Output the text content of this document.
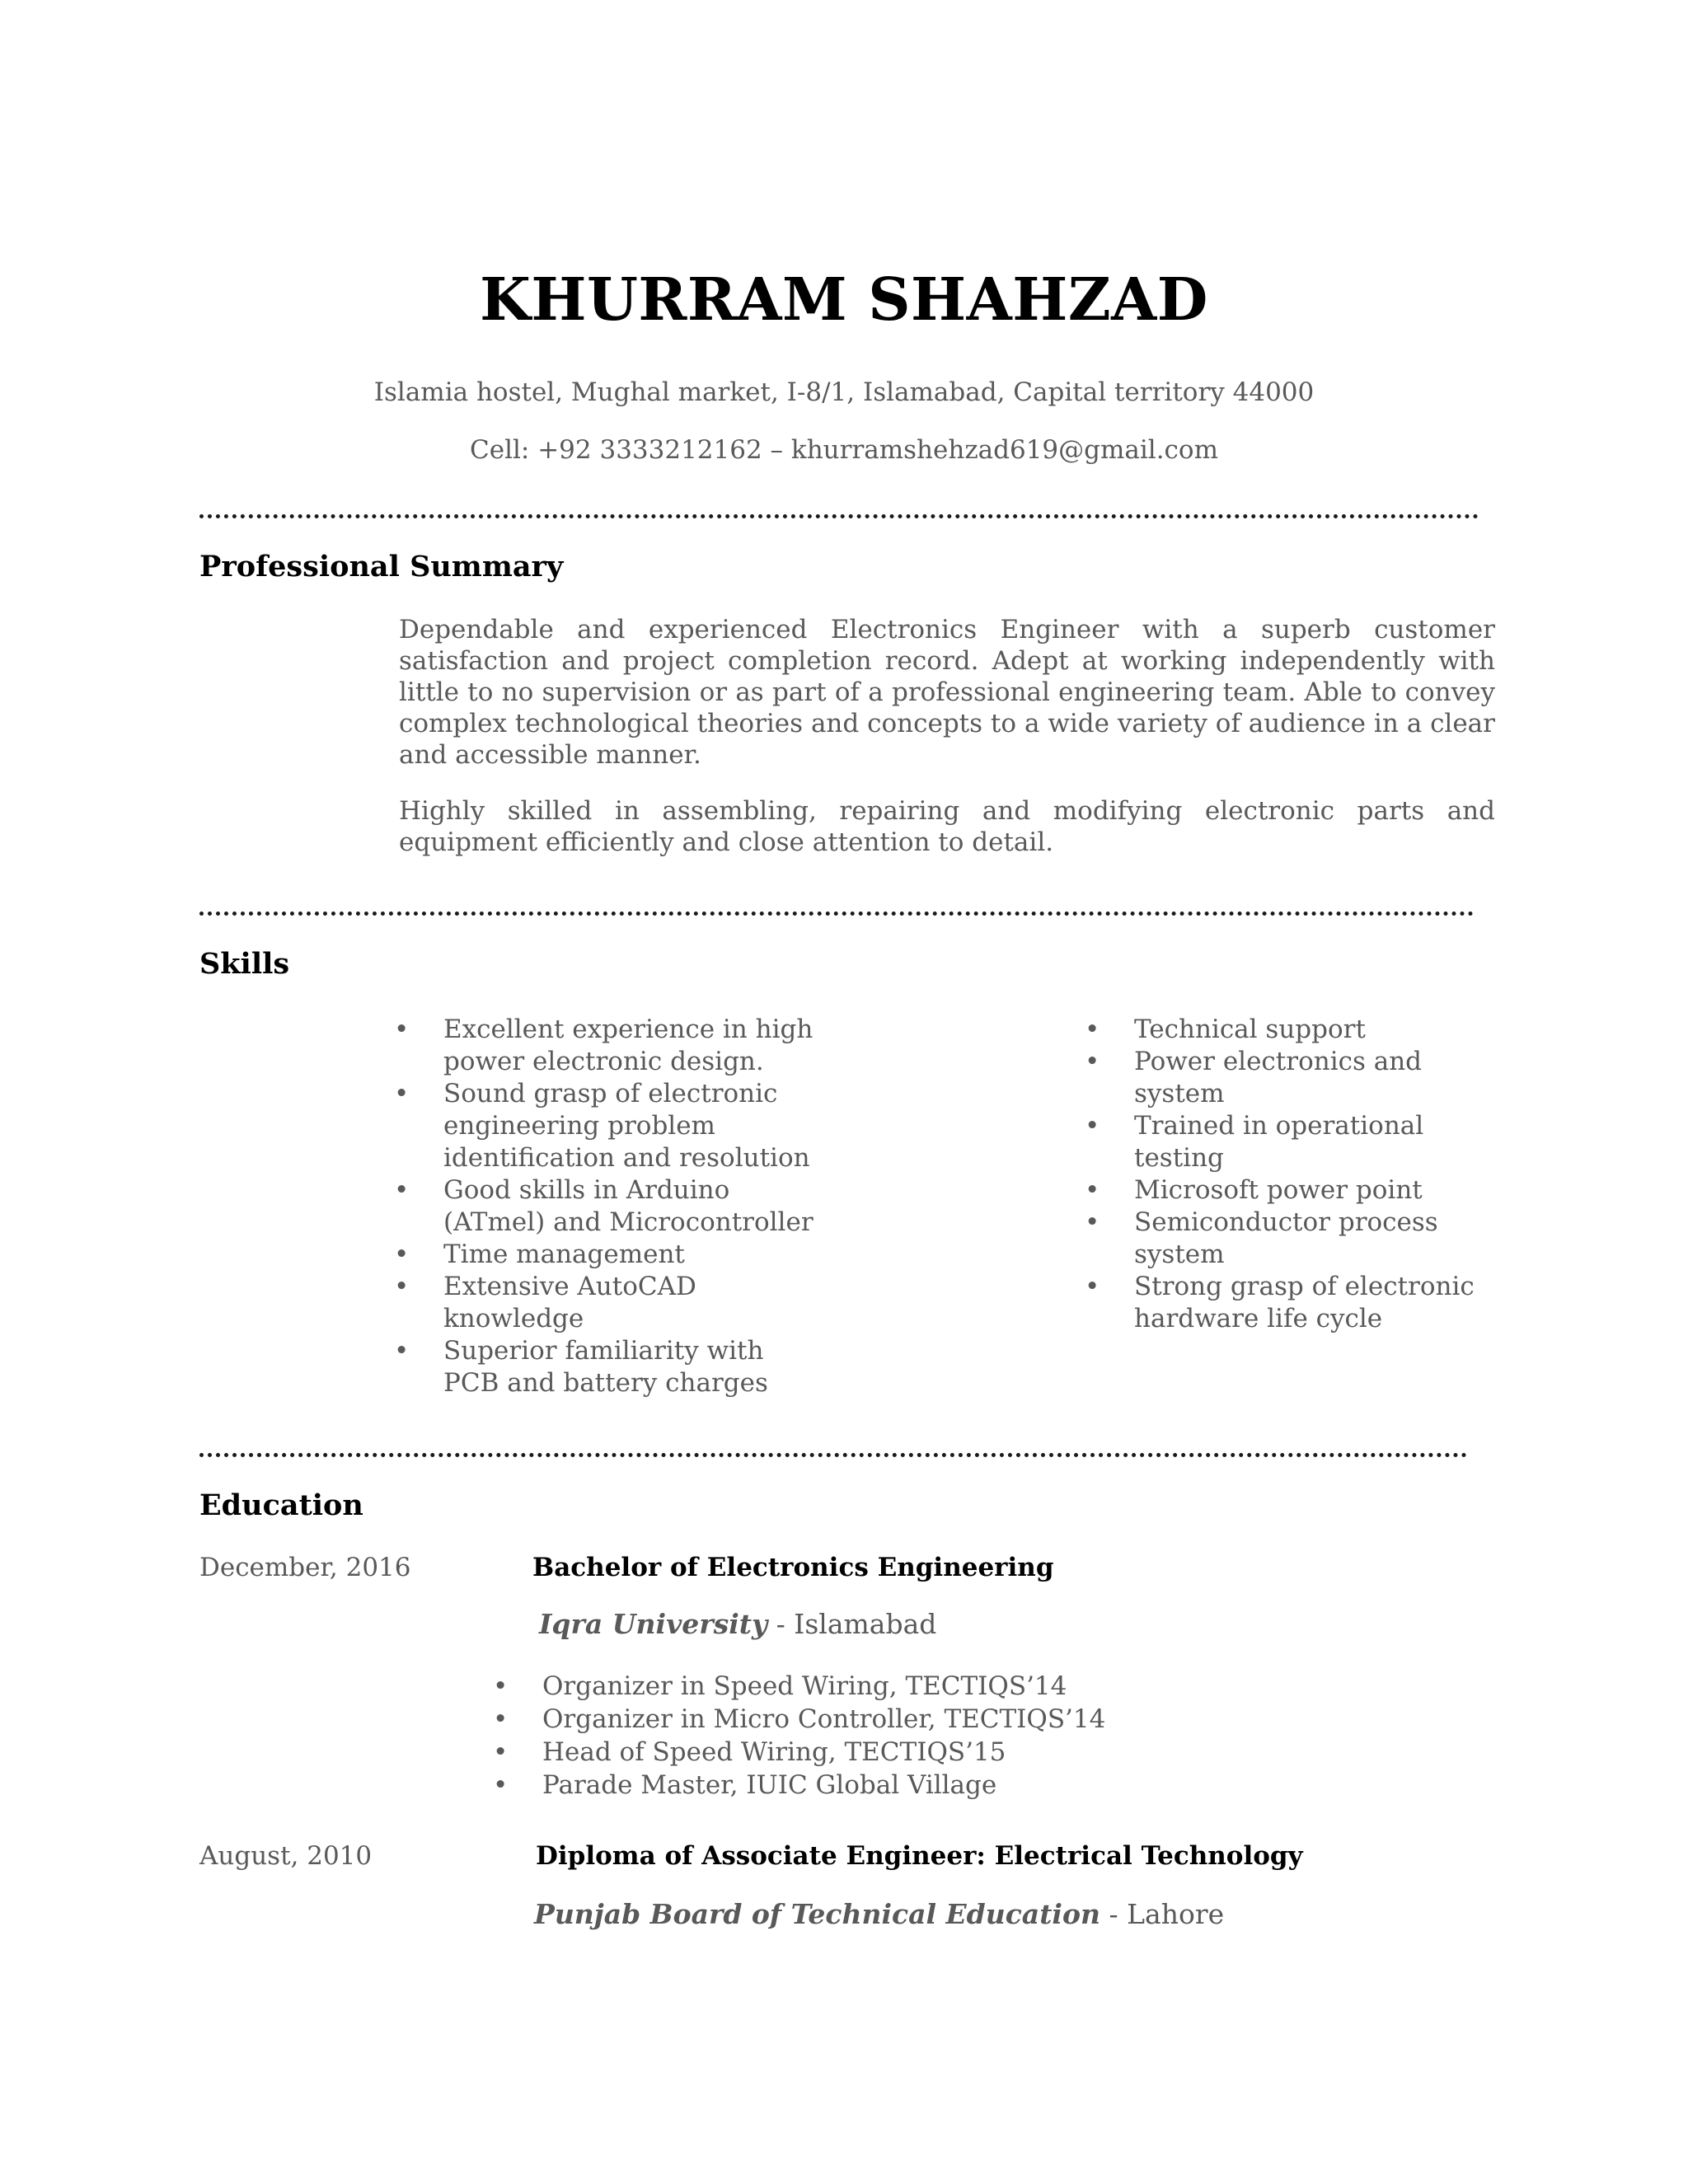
KHURRAM SHAHZAD
Islamia hostel, Mughal market, I-8/1, Islamabad, Capital territory 44000
Cell: +92 3333212162 – khurramshehzad619@gmail.com
Professional Summary

Dependable and experienced Electronics Engineer with a superb customer satisfaction and project completion record. Adept at working independently with little to no supervision or as part of a professional engineering team. Able to convey complex technological theories and concepts to a wide variety of audience in a clear and accessible manner.

Highly skilled in assembling, repairing and modifying electronic parts and equipment efficiently and close attention to detail.

Skills
• Excellent experience in high power electronic design.
• Sound grasp of electronic engineering problem identification and resolution
• Good skills in Arduino (ATmel) and Microcontroller
• Time management
• Extensive AutoCAD knowledge
• Superior familiarity with PCB and battery charges
• Technical support
• Power electronics and system
• Trained in operational testing
• Microsoft power point
• Semiconductor process system
• Strong grasp of electronic hardware life cycle
Education
December, 2016	Bachelor of Electronics Engineering
Iqra University - Islamabad
• Organizer in Speed Wiring, TECTIQS’14
• Organizer in Micro Controller, TECTIQS’14
• Head of Speed Wiring, TECTIQS’15
• Parade Master, IUIC Global Village
August, 2010	Diploma of Associate Engineer: Electrical Technology
Punjab Board of Technical Education - Lahore
